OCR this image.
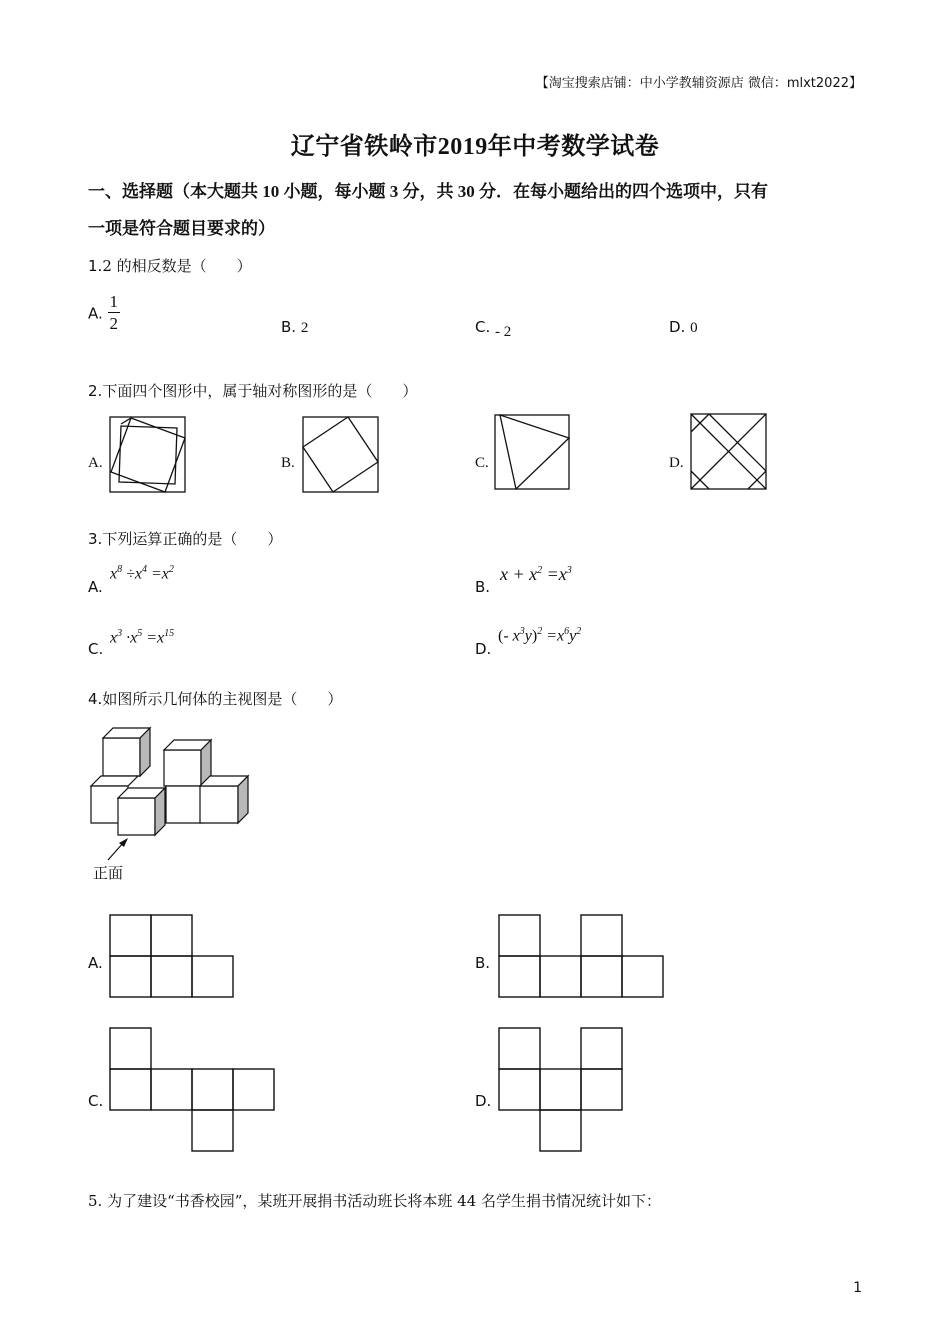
【淘宝搜索店铺：中小学教辅资源店 微信：mlxt2022】
辽宁省铁岭市2019年中考数学试卷
一、选择题（本大题共 10 小题，每小题 3 分，共 30 分．在每小题给出的四个选项中，只有
一项是符合题目要求的）
1.2 的相反数是（　　）
A. $\frac{1}{2}$	B. 2	C. - 2	D. 0
2.下面四个图形中，属于轴对称图形的是（　　）
A.	B.	C.	D.
3.下列运算正确的是（　　）
A.
$x^8 \div x^4 =x^2$
B.
$x + x^2 =x^3$
C.
$x^3 \cdot x^5 =x^{15}$
D.
(- $x^3y)^2 =x^6y^2$
4.如图所示几何体的主视图是（　　）
正面
A.	B.
C.	D.
5. 为了建设“书香校园”，某班开展捐书活动班长将本班 44 名学生捐书情况统计如下：
1
